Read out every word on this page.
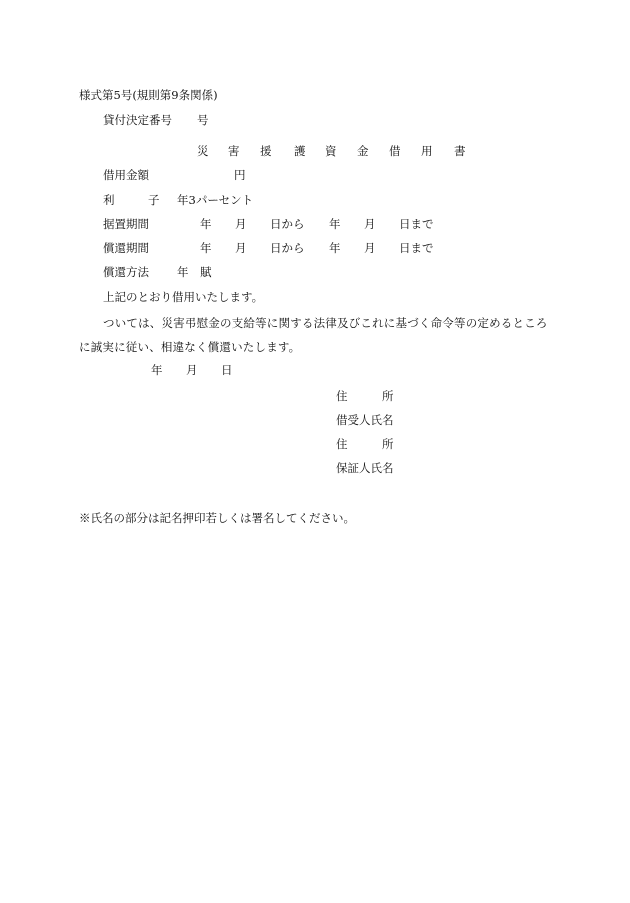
様式第5号(規則第9条関係)
貸付決定番号 号
災 害 援 護 資 金 借 用 書
借用金額	円
利	子 年3パーセント
据置期間	年 月 日から 年 月 日まで
償還期間	年 月 日から 年 月 日まで
償還方法 年 賦
上記のとおり借用いたします。
ついては、災害弔慰金の支給等に関する法律及びこれに基づく命令等の定めるところ
に誠実に従い、相違なく償還いたします。
年 月 日
住	所
借受人氏名
住	所
保証人氏名
※氏名の部分は記名押印若しくは署名してください。
